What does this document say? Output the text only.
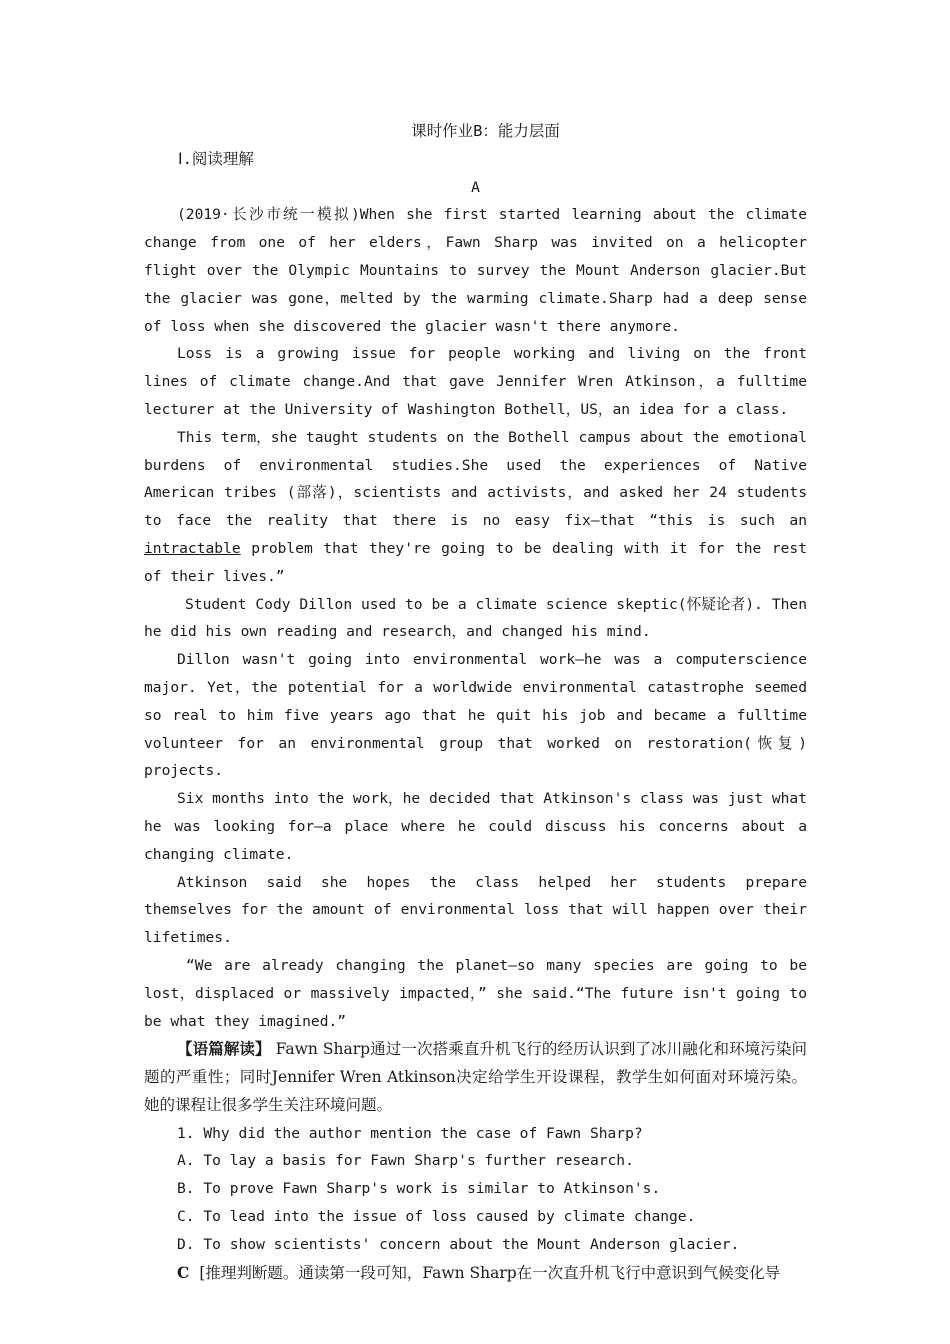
课时作业B：能力层面
Ⅰ.阅读理解
A

(2019·长沙市统一模拟)When she first started learning about the climate change from one of her elders，Fawn Sharp was invited on a helicopter flight over the Olympic Mountains to survey the Mount Anderson glacier.But the glacier was gone，melted by the warming climate.Sharp had a deep sense of loss when she discovered the glacier wasn't there anymore.

Loss is a growing issue for people working and living on the front lines of climate change.And that gave Jennifer Wren Atkinson，a fulltime lecturer at the University of Washington Bothell，US，an idea for a class.

This term，she taught students on the Bothell campus about the emotional burdens of environmental studies.She used the experiences of Native American tribes (部落)，scientists and activists，and asked her 24 students to face the reality that there is no easy fix—that “this is such an intractable problem that they're going to be dealing with it for the rest of their lives.”

Student Cody Dillon used to be a climate science skeptic(怀疑论者). Then he did his own reading and research，and changed his mind.

Dillon wasn't going into environmental work—he was a computerscience major. Yet，the potential for a worldwide environmental catastrophe seemed so real to him five years ago that he quit his job and became a fulltime volunteer for an environmental group that worked on restoration(恢复) projects.

Six months into the work，he decided that Atkinson's class was just what he was looking for—a place where he could discuss his concerns about a changing climate.

Atkinson said she hopes the class helped her students prepare themselves for the amount of environmental loss that will happen over their lifetimes.

“We are already changing the planet—so many species are going to be lost，displaced or massively impacted，” she said.“The future isn't going to be what they imagined.”

【语篇解读】 Fawn Sharp通过一次搭乘直升机飞行的经历认识到了冰川融化和环境污染问题的严重性；同时Jennifer Wren Atkinson决定给学生开设课程，教学生如何面对环境污染。她的课程让很多学生关注环境问题。

1. Why did the author mention the case of Fawn Sharp?
A. To lay a basis for Fawn Sharp's further research.
B. To prove Fawn Sharp's work is similar to Atkinson's.
C. To lead into the issue of loss caused by climate change.
D. To show scientists' concern about the Mount Anderson glacier.
C [推理判断题。通读第一段可知，Fawn Sharp在一次直升机飞行中意识到气候变化导
